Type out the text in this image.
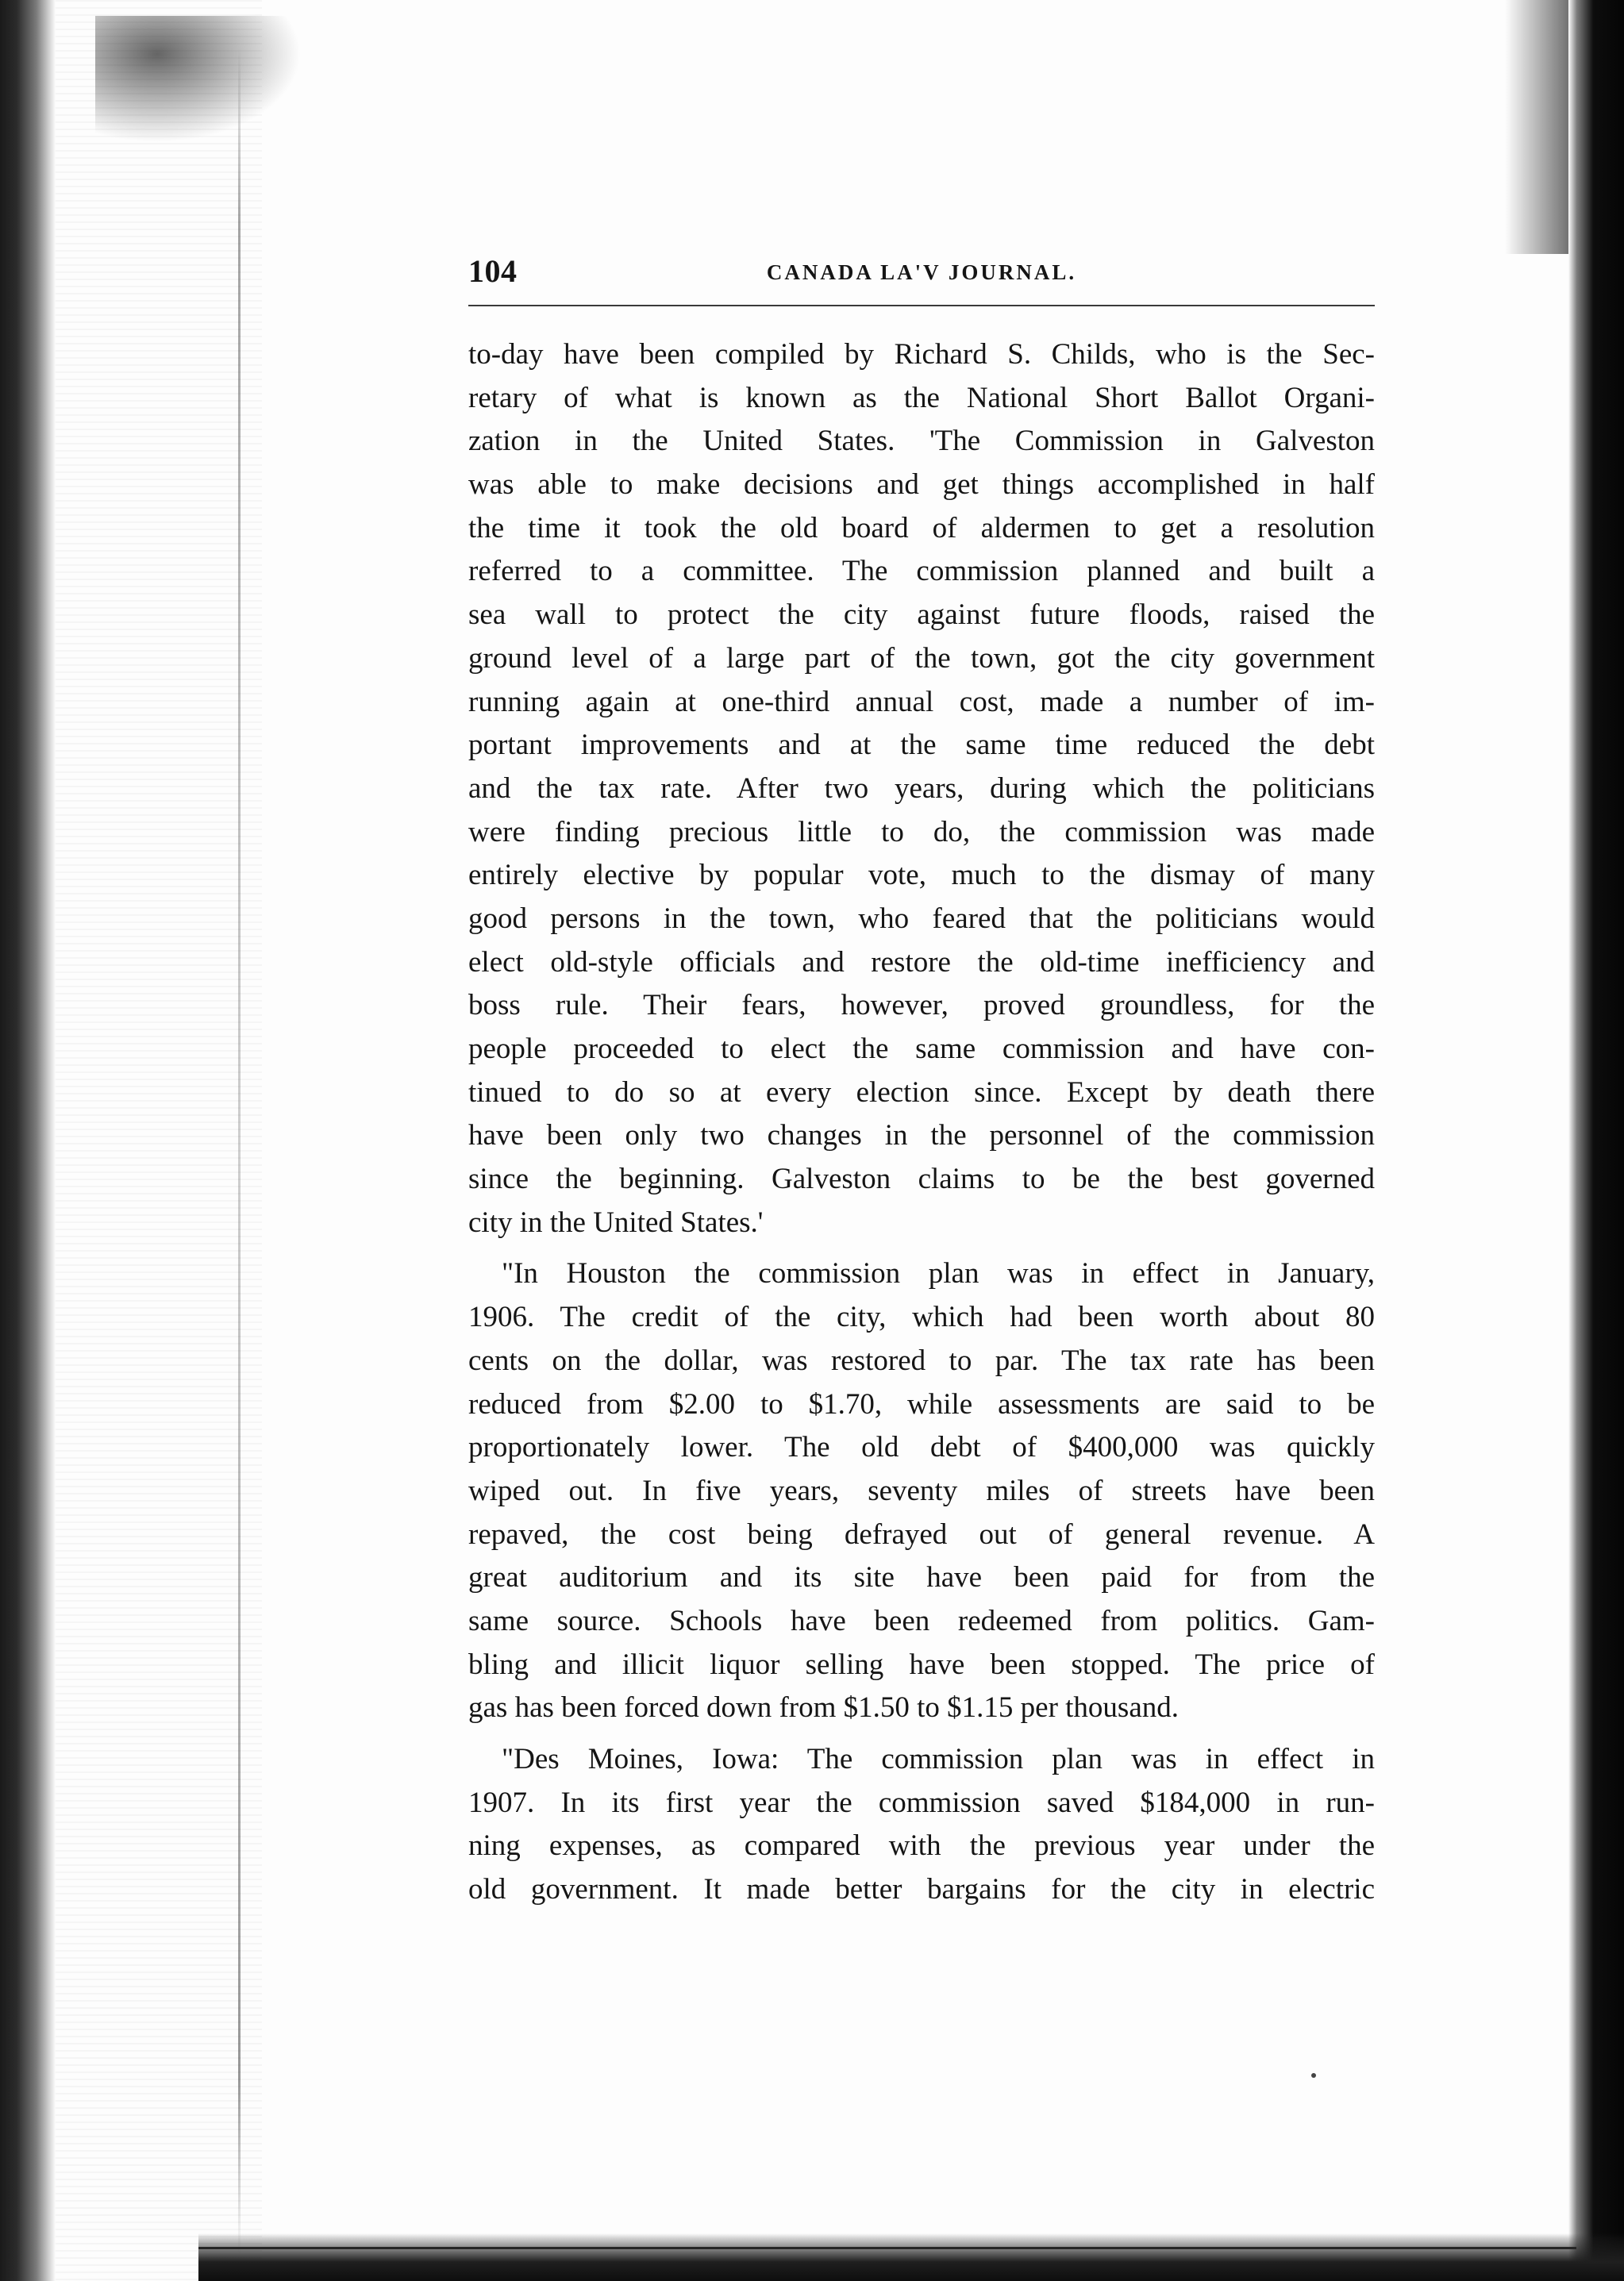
104	CANADA LA'V JOURNAL.
to-day have been compiled by Richard S. Childs, who is the Sec-
retary of what is known as the National Short Ballot Organi-
zation in the United States. 'The Commission in Galveston
was able to make decisions and get things accomplished in half
the time it took the old board of aldermen to get a resolution
referred to a committee. The commission planned and built a
sea wall to protect the city against future floods, raised the
ground level of a large part of the town, got the city government
running again at one-third annual cost, made a number of im-
portant improvements and at the same time reduced the debt
and the tax rate. After two years, during which the politicians
were finding precious little to do, the commission was made
entirely elective by popular vote, much to the dismay of many
good persons in the town, who feared that the politicians would
elect old-style officials and restore the old-time inefficiency and
boss rule. Their fears, however, proved groundless, for the
people proceeded to elect the same commission and have con-
tinued to do so at every election since. Except by death there
have been only two changes in the personnel of the commission
since the beginning. Galveston claims to be the best governed
city in the United States.'
"In Houston the commission plan was in effect in January,
1906. The credit of the city, which had been worth about 80
cents on the dollar, was restored to par. The tax rate has been
reduced from $2.00 to $1.70, while assessments are said to be
proportionately lower. The old debt of $400,000 was quickly
wiped out. In five years, seventy miles of streets have been
repaved, the cost being defrayed out of general revenue. A
great auditorium and its site have been paid for from the
same source. Schools have been redeemed from politics. Gam-
bling and illicit liquor selling have been stopped. The price of
gas has been forced down from $1.50 to $1.15 per thousand.
"Des Moines, Iowa: The commission plan was in effect in
1907. In its first year the commission saved $184,000 in run-
ning expenses, as compared with the previous year under the
old government. It made better bargains for the city in electric
